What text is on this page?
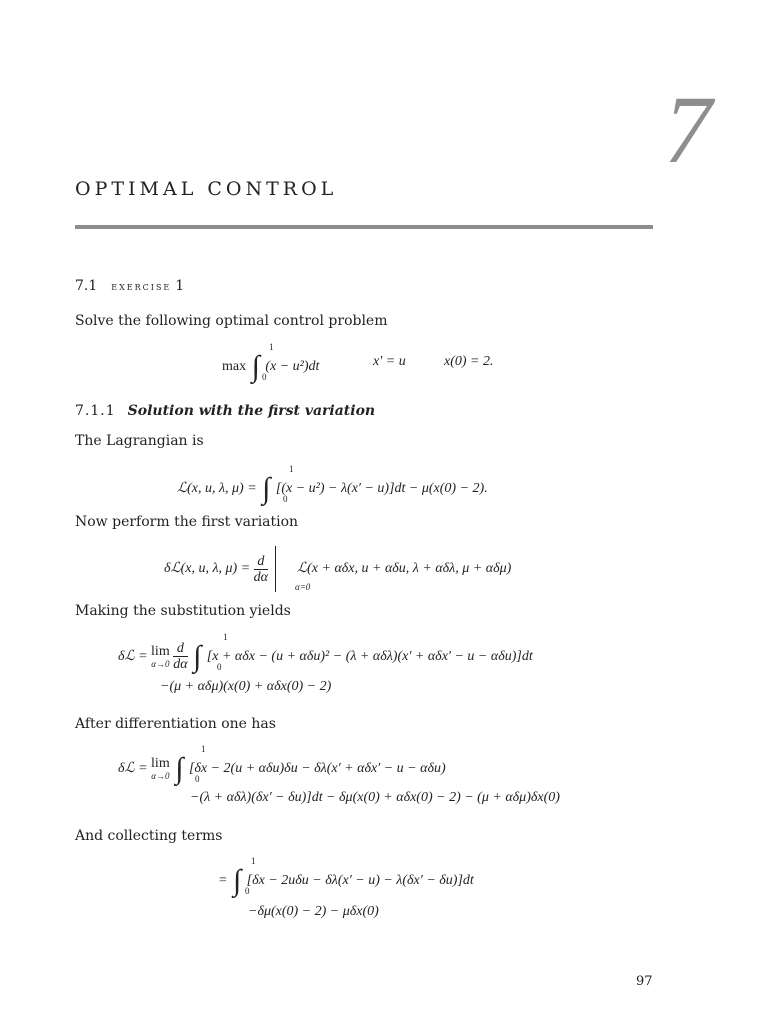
7
OPTIMAL CONTROL
7.1 exercise 1
Solve the following optimal control problem
max ∫
1
0
(x − u²)dt	x′ = u	x(0) = 2.
7.1.1 Solution with the first variation
The Lagrangian is
ℒ(x, u, λ, μ) = ∫
1
0
[(x − u²) − λ(x′ − u)]dt − μ(x(0) − 2).
Now perform the first variation
δℒ(x, u, λ, $\mu) = \frac{d}{d\alpha}$

α=0
ℒ(x + αδx, u + αδu, λ + αδλ, μ + αδμ)
Making the substitution yields
δℒ = lim
α→0
$\frac{d}{d\alpha}$ ∫
1
0
[x + αδx − (u + αδu)² − (λ + αδλ)(x′ + αδx′ − u − αδu)]dt
−(μ + αδμ)(x(0) + αδx(0) − 2)
After differentiation one has
δℒ = lim
α→0 ∫
1
0
[δx − 2(u + αδu)δu − δλ(x′ + αδx′ − u − αδu)
−(λ + αδλ)(δx′ − δu)]dt − δμ(x(0) + αδx(0) − 2) − (μ + αδμ)δx(0)
And collecting terms
= ∫
1
0
[δx − 2uδu − δλ(x′ − u) − λ(δx′ − δu)]dt
−δμ(x(0) − 2) − μδx(0)
97
